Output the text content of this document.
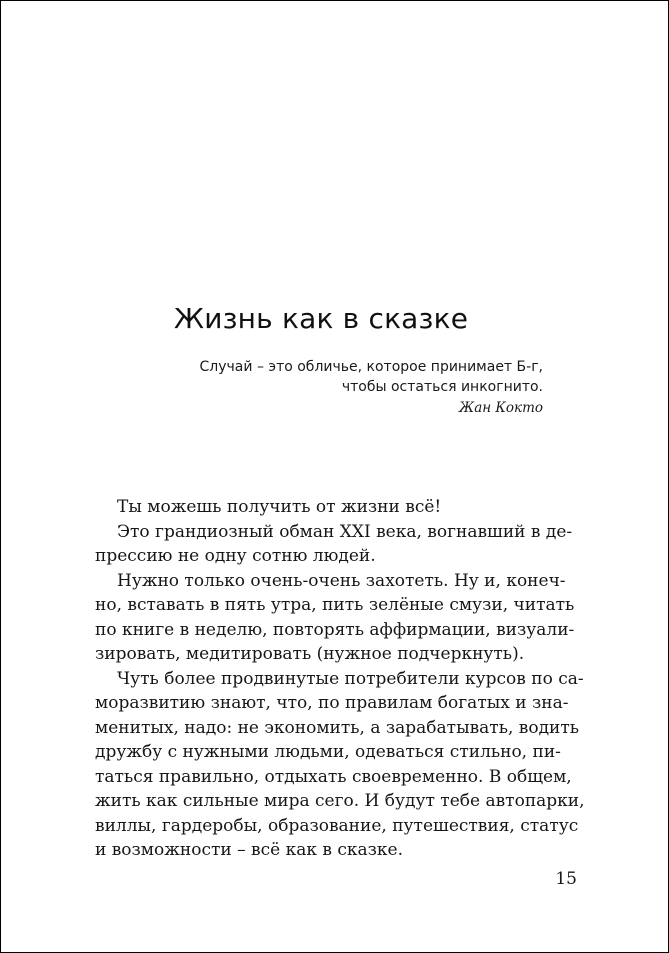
Жизнь как в сказке
Случай – это обличье, которое принимает Б-г,
чтобы остаться инкогнито.
Жан Кокто
Ты можешь получить от жизни всё!
Это грандиозный обман XXI века, вогнавший в де-
прессию не одну сотню людей.
Нужно только очень-очень захотеть. Ну и, конеч-
но, вставать в пять утра, пить зелёные смузи, читать
по книге в неделю, повторять аффирмации, визуали-
зировать, медитировать (нужное подчеркнуть).
Чуть более продвинутые потребители курсов по са-
моразвитию знают, что, по правилам богатых и зна-
менитых, надо: не экономить, а зарабатывать, водить
дружбу с нужными людьми, одеваться стильно, пи-
таться правильно, отдыхать своевременно. В общем,
жить как сильные мира сего. И будут тебе автопарки,
виллы, гардеробы, образование, путешествия, статус
и возможности – всё как в сказке.
15
